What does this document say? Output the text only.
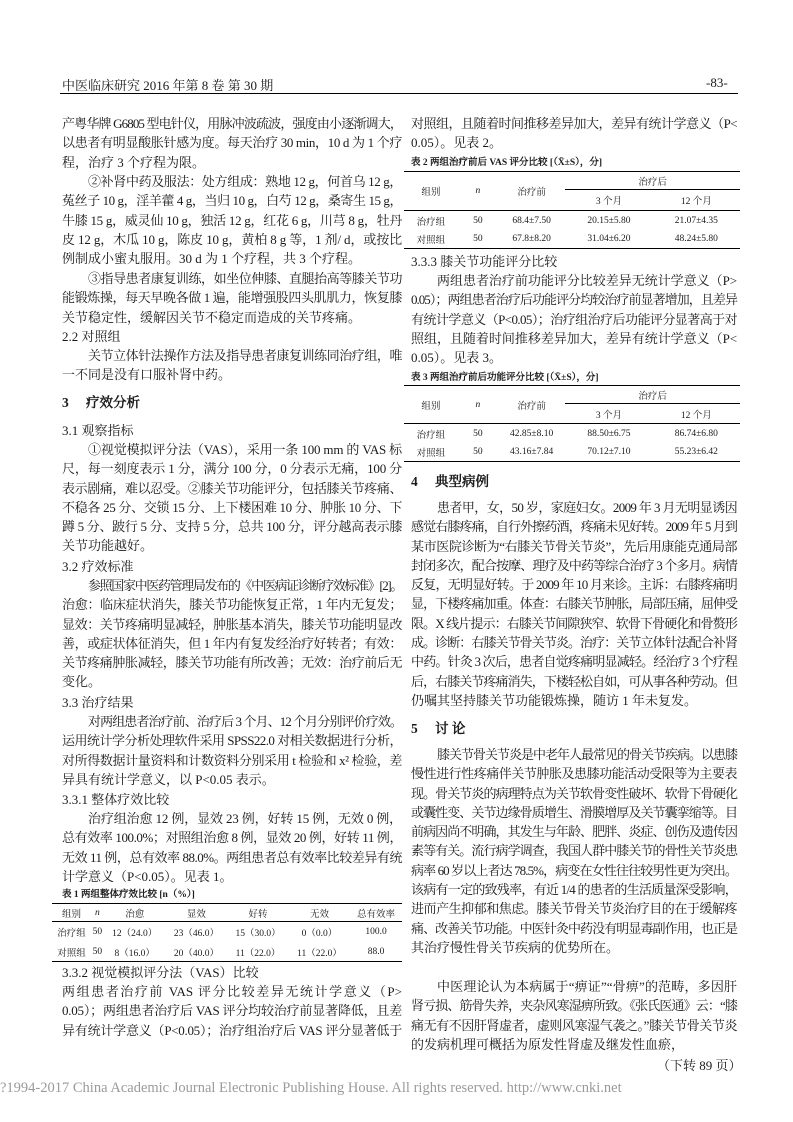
中医临床研究 2016 年第 8 卷 第 30 期	-83-
产粤华牌 G6805 型电针仪，用脉冲波疏波，强度由小逐渐调大，
以患者有明显酸胀针感为度。每天治疗 30 min，10 d 为 1 个疗
程，治疗 3 个疗程为限。
②补肾中药及服法：处方组成：熟地 12 g，何首乌 12 g，
菟丝子 10 g，淫羊藿 4 g，当归 10 g，白芍 12 g，桑寄生 15 g，
牛膝 15 g，威灵仙 10 g，独活 12 g，红花 6 g，川芎 8 g，牡丹
皮 12 g，木瓜 10 g，陈皮 10 g，黄柏 8 g 等，1 剂/ d，或按比
例制成小蜜丸服用。30 d 为 1 个疗程，共 3 个疗程。
③指导患者康复训练，如坐位伸膝、直腿抬高等膝关节功
能锻炼操，每天早晚各做 1 遍，能增强股四头肌肌力，恢复膝
关节稳定性，缓解因关节不稳定而造成的关节疼痛。
2.2 对照组
关节立体针法操作方法及指导患者康复训练同治疗组，唯
一不同是没有口服补肾中药。
3 疗效分析
3.1 观察指标
①视觉模拟评分法（VAS），采用一条 100 mm 的 VAS 标
尺，每一刻度表示 1 分，满分 100 分，0 分表示无痛，100 分
表示剧痛，难以忍受。②膝关节功能评分，包括膝关节疼痛、
不稳各 25 分、交锁 15 分、上下楼困难 10 分、肿胀 10 分、下
蹲 5 分、跛行 5 分、支持 5 分，总共 100 分，评分越高表示膝
关节功能越好。
3.2 疗效标准
参照国家中医药管理局发布的《中医病证诊断疗效标准》[2]。
治愈：临床症状消失，膝关节功能恢复正常，1 年内无复发；
显效：关节疼痛明显减轻，肿胀基本消失，膝关节功能明显改
善，或症状体征消失，但 1 年内有复发经治疗好转者；有效：
关节疼痛肿胀减轻，膝关节功能有所改善；无效：治疗前后无
变化。
3.3 治疗结果
对两组患者治疗前、治疗后 3 个月、12 个月分别评价疗效。
运用统计学分析处理软件采用 SPSS22.0 对相关数据进行分析，
对所得数据计量资料和计数资料分别采用 t 检验和 x² 检验，差
异具有统计学意义，以 P<0.05 表示。
3.3.1 整体疗效比较
治疗组治愈 12 例，显效 23 例，好转 15 例，无效 0 例，
总有效率 100.0%；对照组治愈 8 例，显效 20 例，好转 11 例，
无效 11 例，总有效率 88.0%。两组患者总有效率比较差异有统
计学意义（P<0.05）。见表 1。
表 1 两组整体疗效比较 [n（%）]
组别	n	治愈	显效	好转	无效	总有效率
治疗组	50	12（24.0）	23（46.0）	15（30.0）	0（0.0）	100.0
对照组	50	8（16.0）	20（40.0）	11（22.0）	11（22.0）	88.0
3.3.2 视觉模拟评分法（VAS）比较
两组患者治疗前 VAS 评分比较差异无统计学意义（P>
0.05）；两组患者治疗后 VAS 评分均较治疗前显著降低，且差
异有统计学意义（P<0.05）；治疗组治疗后 VAS 评分显著低于
对照组，且随着时间推移差异加大，差异有统计学意义（P<
0.05）。见表 2。
表 2 两组治疗前后 VAS 评分比较 [（X̄±S），分]
组别	n	治疗前	治疗后	
			3 个月	12 个月
治疗组	50	68.4±7.50	20.15±5.80	21.07±4.35
对照组	50	67.8±8.20	31.04±6.20	48.24±5.80
3.3.3 膝关节功能评分比较
两组患者治疗前功能评分比较差异无统计学意义（P>
0.05）；两组患者治疗后功能评分均较治疗前显著增加，且差异
有统计学意义（P<0.05）；治疗组治疗后功能评分显著高于对
照组，且随着时间推移差异加大，差异有统计学意义（P<
0.05）。见表 3。
表 3 两组治疗前后功能评分比较 [（X̄±S），分]
组别	n	治疗前	治疗后	
			3 个月	12 个月
治疗组	50	42.85±8.10	88.50±6.75	86.74±6.80
对照组	50	43.16±7.84	70.12±7.10	55.23±6.42
4 典型病例
患者甲，女，50 岁，家庭妇女。2009 年 3 月无明显诱因
感觉右膝疼痛，自行外擦药酒，疼痛未见好转。2009 年 5 月到
某市医院诊断为“右膝关节骨关节炎”，先后用康能克通局部
封闭多次，配合按摩、理疗及中药等综合治疗 3 个多月。病情
反复，无明显好转。于 2009 年 10 月来诊。主诉：右膝疼痛明
显，下楼疼痛加重。体查：右膝关节肿胀，局部压痛，屈伸受
限。X 线片提示：右膝关节间隙狭窄、软骨下骨硬化和骨赘形
成。诊断：右膝关节骨关节炎。治疗：关节立体针法配合补肾
中药。针灸 3 次后，患者自觉疼痛明显减轻。经治疗 3 个疗程
后，右膝关节疼痛消失，下楼轻松自如，可从事各种劳动。但
仍嘱其坚持膝关节功能锻炼操，随访 1 年未复发。
5 讨 论
膝关节骨关节炎是中老年人最常见的骨关节疾病。以患膝
慢性进行性疼痛伴关节肿胀及患膝功能活动受限等为主要表
现。骨关节炎的病理特点为关节软骨变性破坏、软骨下骨硬化
或囊性变、关节边缘骨质增生、滑膜增厚及关节囊挛缩等。目
前病因尚不明确，其发生与年龄、肥胖、炎症、创伤及遗传因
素等有关。流行病学调查，我国人群中膝关节的骨性关节炎患
病率 60 岁以上者达 78.5%，病变在女性往往较男性更为突出。
该病有一定的致残率，有近 1/4 的患者的生活质量深受影响，
进而产生抑郁和焦虑。膝关节骨关节炎治疗目的在于缓解疼
痛、改善关节功能。中医针灸中药没有明显毒副作用，也正是
其治疗慢性骨关节疾病的优势所在。
中医理论认为本病属于“痹证”“骨痹”的范畴，多因肝
肾亏损、筋骨失养，夹杂风寒湿痹所致。《张氏医通》云：“膝
痛无有不因肝肾虚者，虚则风寒湿气袭之。”膝关节骨关节炎
的发病机理可概括为原发性肾虚及继发性血瘀，
（下转 89 页）
?1994-2017 China Academic Journal Electronic Publishing House. All rights reserved. http://www.cnki.net
